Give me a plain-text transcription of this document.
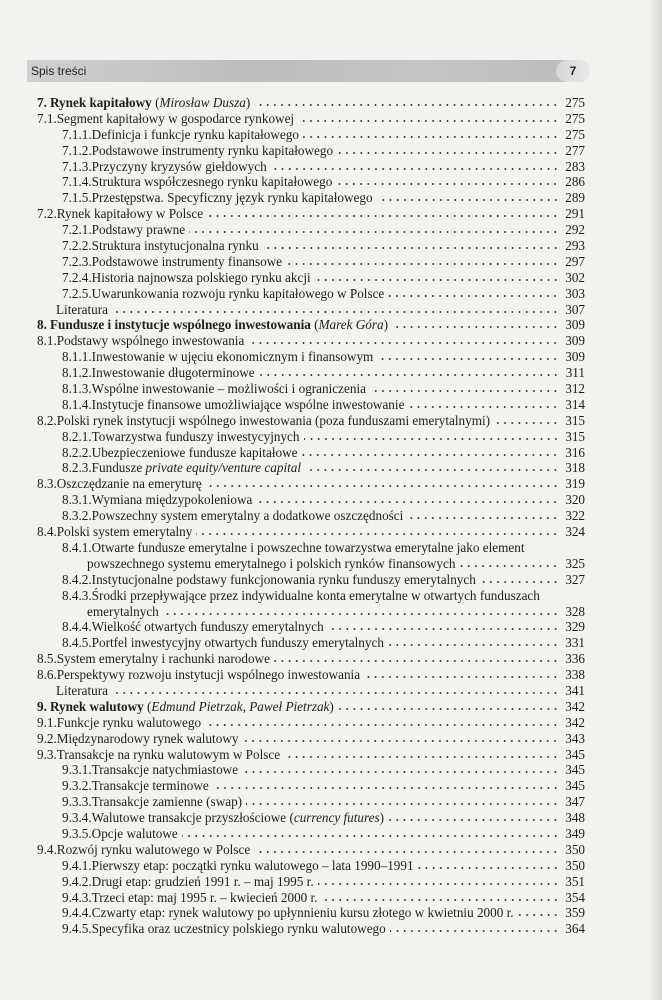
Spis treści	7
7. Rynek kapitałowy (Mirosław Dusza)	275
7.1. Segment kapitałowy w gospodarce rynkowej	275
7.1.1. Definicja i funkcje rynku kapitałowego	275
7.1.2. Podstawowe instrumenty rynku kapitałowego	277
7.1.3. Przyczyny kryzysów giełdowych	283
7.1.4. Struktura współczesnego rynku kapitałowego	286
7.1.5. Przestępstwa. Specyficzny język rynku kapitałowego	289
7.2. Rynek kapitałowy w Polsce	291
7.2.1. Podstawy prawne	292
7.2.2. Struktura instytucjonalna rynku	293
7.2.3. Podstawowe instrumenty finansowe	297
7.2.4. Historia najnowsza polskiego rynku akcji	302
7.2.5. Uwarunkowania rozwoju rynku kapitałowego w Polsce	303
Literatura	307
8. Fundusze i instytucje wspólnego inwestowania (Marek Góra)	309
8.1. Podstawy wspólnego inwestowania	309
8.1.1. Inwestowanie w ujęciu ekonomicznym i finansowym	309
8.1.2. Inwestowanie długoterminowe	311
8.1.3. Wspólne inwestowanie – możliwości i ograniczenia	312
8.1.4. Instytucje finansowe umożliwiające wspólne inwestowanie	314
8.2. Polski rynek instytucji wspólnego inwestowania (poza funduszami emerytalnymi)	315
8.2.1. Towarzystwa funduszy inwestycyjnych	315
8.2.2. Ubezpieczeniowe fundusze kapitałowe	316
8.2.3. Fundusze private equity/venture capital	318
8.3. Oszczędzanie na emeryturę	319
8.3.1. Wymiana międzypokoleniowa	320
8.3.2. Powszechny system emerytalny a dodatkowe oszczędności	322
8.4. Polski system emerytalny	324
8.4.1. Otwarte fundusze emerytalne i powszechne towarzystwa emerytalne jako element
powszechnego systemu emerytalnego i polskich rynków finansowych	325
8.4.2. Instytucjonalne podstawy funkcjonowania rynku funduszy emerytalnych	327
8.4.3. Środki przepływające przez indywidualne konta emerytalne w otwartych funduszach
emerytalnych	328
8.4.4. Wielkość otwartych funduszy emerytalnych	329
8.4.5. Portfel inwestycyjny otwartych funduszy emerytalnych	331
8.5. System emerytalny i rachunki narodowe	336
8.6. Perspektywy rozwoju instytucji wspólnego inwestowania	338
Literatura	341
9. Rynek walutowy (Edmund Pietrzak, Paweł Pietrzak)	342
9.1. Funkcje rynku walutowego	342
9.2. Międzynarodowy rynek walutowy	343
9.3. Transakcje na rynku walutowym w Polsce	345
9.3.1. Transakcje natychmiastowe	345
9.3.2. Transakcje terminowe	345
9.3.3. Transakcje zamienne (swap)	347
9.3.4. Walutowe transakcje przyszłościowe (currency futures)	348
9.3.5. Opcje walutowe	349
9.4. Rozwój rynku walutowego w Polsce	350
9.4.1. Pierwszy etap: początki rynku walutowego – lata 1990–1991	350
9.4.2. Drugi etap: grudzień 1991 r. – maj 1995 r.	351
9.4.3. Trzeci etap: maj 1995 r. – kwiecień 2000 r.	354
9.4.4. Czwarty etap: rynek walutowy po upłynnieniu kursu złotego w kwietniu 2000 r.	359
9.4.5. Specyfika oraz uczestnicy polskiego rynku walutowego	364
